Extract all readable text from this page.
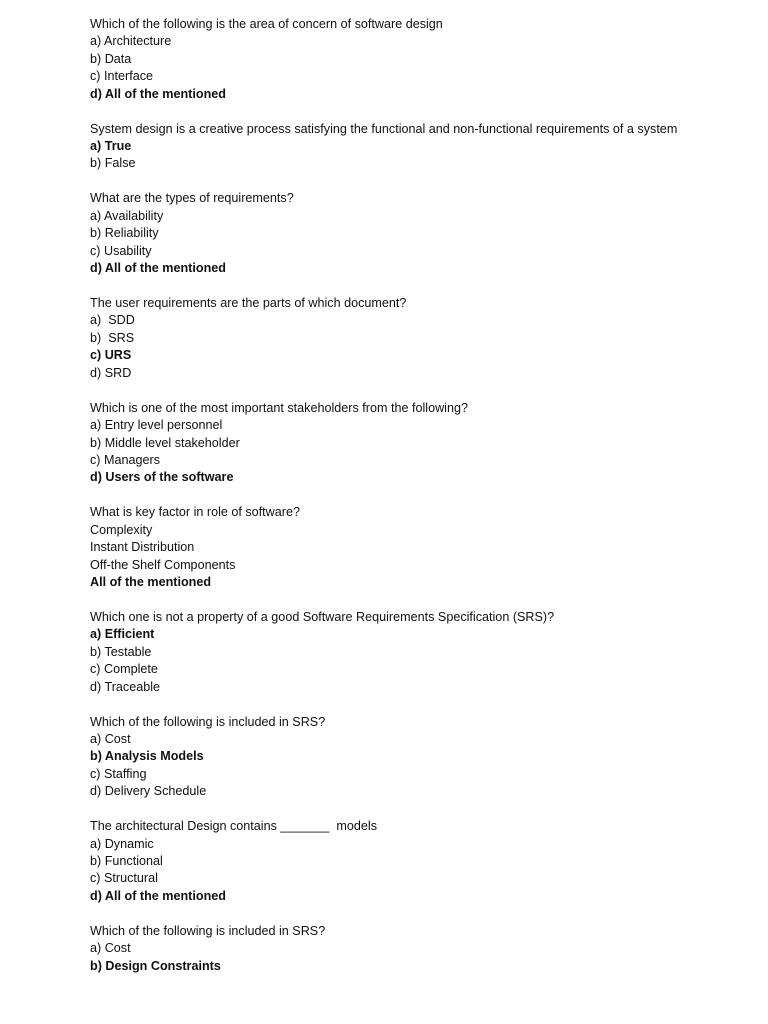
Which of the following is the area of concern of software design

a) Architecture

b) Data

c) Interface

d) All of the mentioned

System design is a creative process satisfying the functional and non-functional requirements of a system

a) True

b) False

What are the types of requirements?

a) Availability

b) Reliability

c) Usability

d) All of the mentioned

The user requirements are the parts of which document?

a)  SDD

b)  SRS

c) URS

d) SRD

Which is one of the most important stakeholders from the following?

a) Entry level personnel

b) Middle level stakeholder

c) Managers

d) Users of the software

What is key factor in role of software?

Complexity

Instant Distribution

Off-the Shelf Components

All of the mentioned

Which one is not a property of a good Software Requirements Specification (SRS)?

a) Efficient

b) Testable

c) Complete

d) Traceable

Which of the following is included in SRS?

a) Cost

b) Analysis Models

c) Staffing

d) Delivery Schedule

The architectural Design contains _______  models

a) Dynamic

b) Functional

c) Structural

d) All of the mentioned

Which of the following is included in SRS?

a) Cost

b) Design Constraints
